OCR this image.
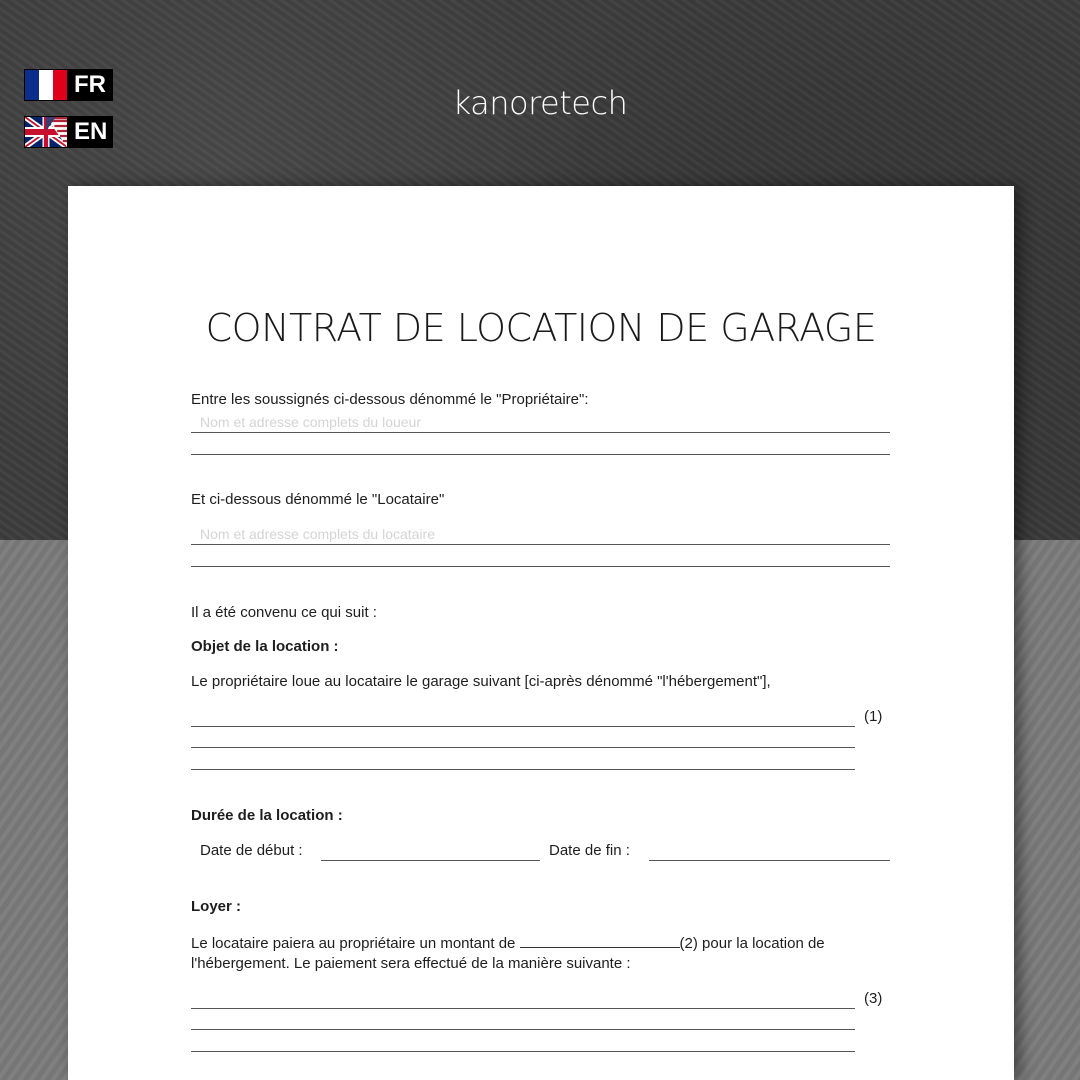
kanoretech
FR
EN
CONTRAT DE LOCATION DE GARAGE
Entre les soussignés ci-dessous dénommé le "Propriétaire":
Nom et adresse complets du loueur
Et ci-dessous dénommé le "Locataire"
Nom et adresse complets du locataire
Il a été convenu ce qui suit :
Objet de la location :
Le propriétaire loue au locataire le garage suivant [ci-après dénommé "l'hébergement"],
(1)
Durée de la location :
Date de début :	Date de fin :
Loyer :
Le locataire paiera au propriétaire un montant de	(2) pour la location de
l'hébergement. Le paiement sera effectué de la manière suivante :
(3)
